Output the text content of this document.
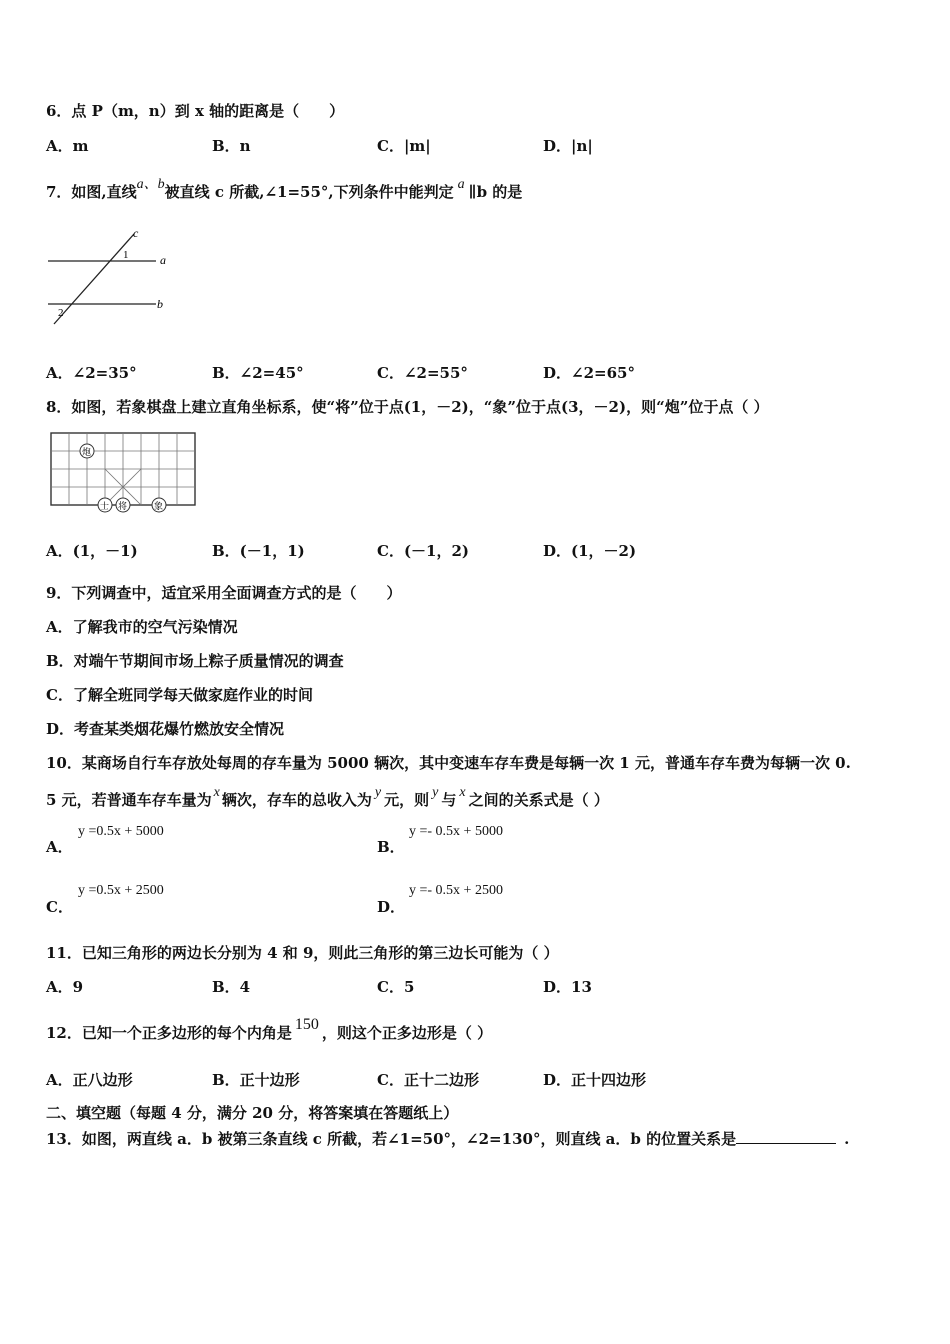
6．点 P（m，n）到 x 轴的距离是（　　）
A．m	B．n	C．|m|	D．|n|
7．如图,直线a、b被直线 c 所截,∠1=55°,下列条件中能判定 a ∥b 的是
c
a
b
1
2
A．∠2=35°	B．∠2=45°	C．∠2=55°	D．∠2=65°
8．如图，若象棋盘上建立直角坐标系，使“将”位于点(1，－2)，“象”位于点(3，－2)，则“炮”位于点（ ）
炮
士 将	象
A．(1，－1)	B．(－1，1)	C．(－1，2)	D．(1，－2)
9．下列调查中，适宜采用全面调查方式的是（　　）
A．了解我市的空气污染情况
B．对端午节期间市场上粽子质量情况的调查
C．了解全班同学每天做家庭作业的时间
D．考查某类烟花爆竹燃放安全情况
10．某商场自行车存放处每周的存车量为 5000 辆次，其中变速车存车费是每辆一次 1 元，普通车存车费为每辆一次 0.
5 元，若普通车存车量为 x 辆次，存车的总收入为 y 元，则 y 与 x 之间的关系式是（ ）
A．
y =0.5x + 5000
B．
y =- 0.5x + 5000
C．
y =0.5x + 2500
D．
y =- 0.5x + 2500
11．已知三角形的两边长分别为 4 和 9，则此三角形的第三边长可能为（ ）
A．9	B．4	C．5	D．13
12．已知一个正多边形的每个内角是 150 ，则这个正多边形是（ ）
A．正八边形	B．正十边形	C．正十二边形	D．正十四边形
二、填空题（每题 4 分，满分 20 分，将答案填在答题纸上）
13．如图，两直线 a．b 被第三条直线 c 所截，若∠1=50°，∠2=130°，则直线 a．b 的位置关系是	.
